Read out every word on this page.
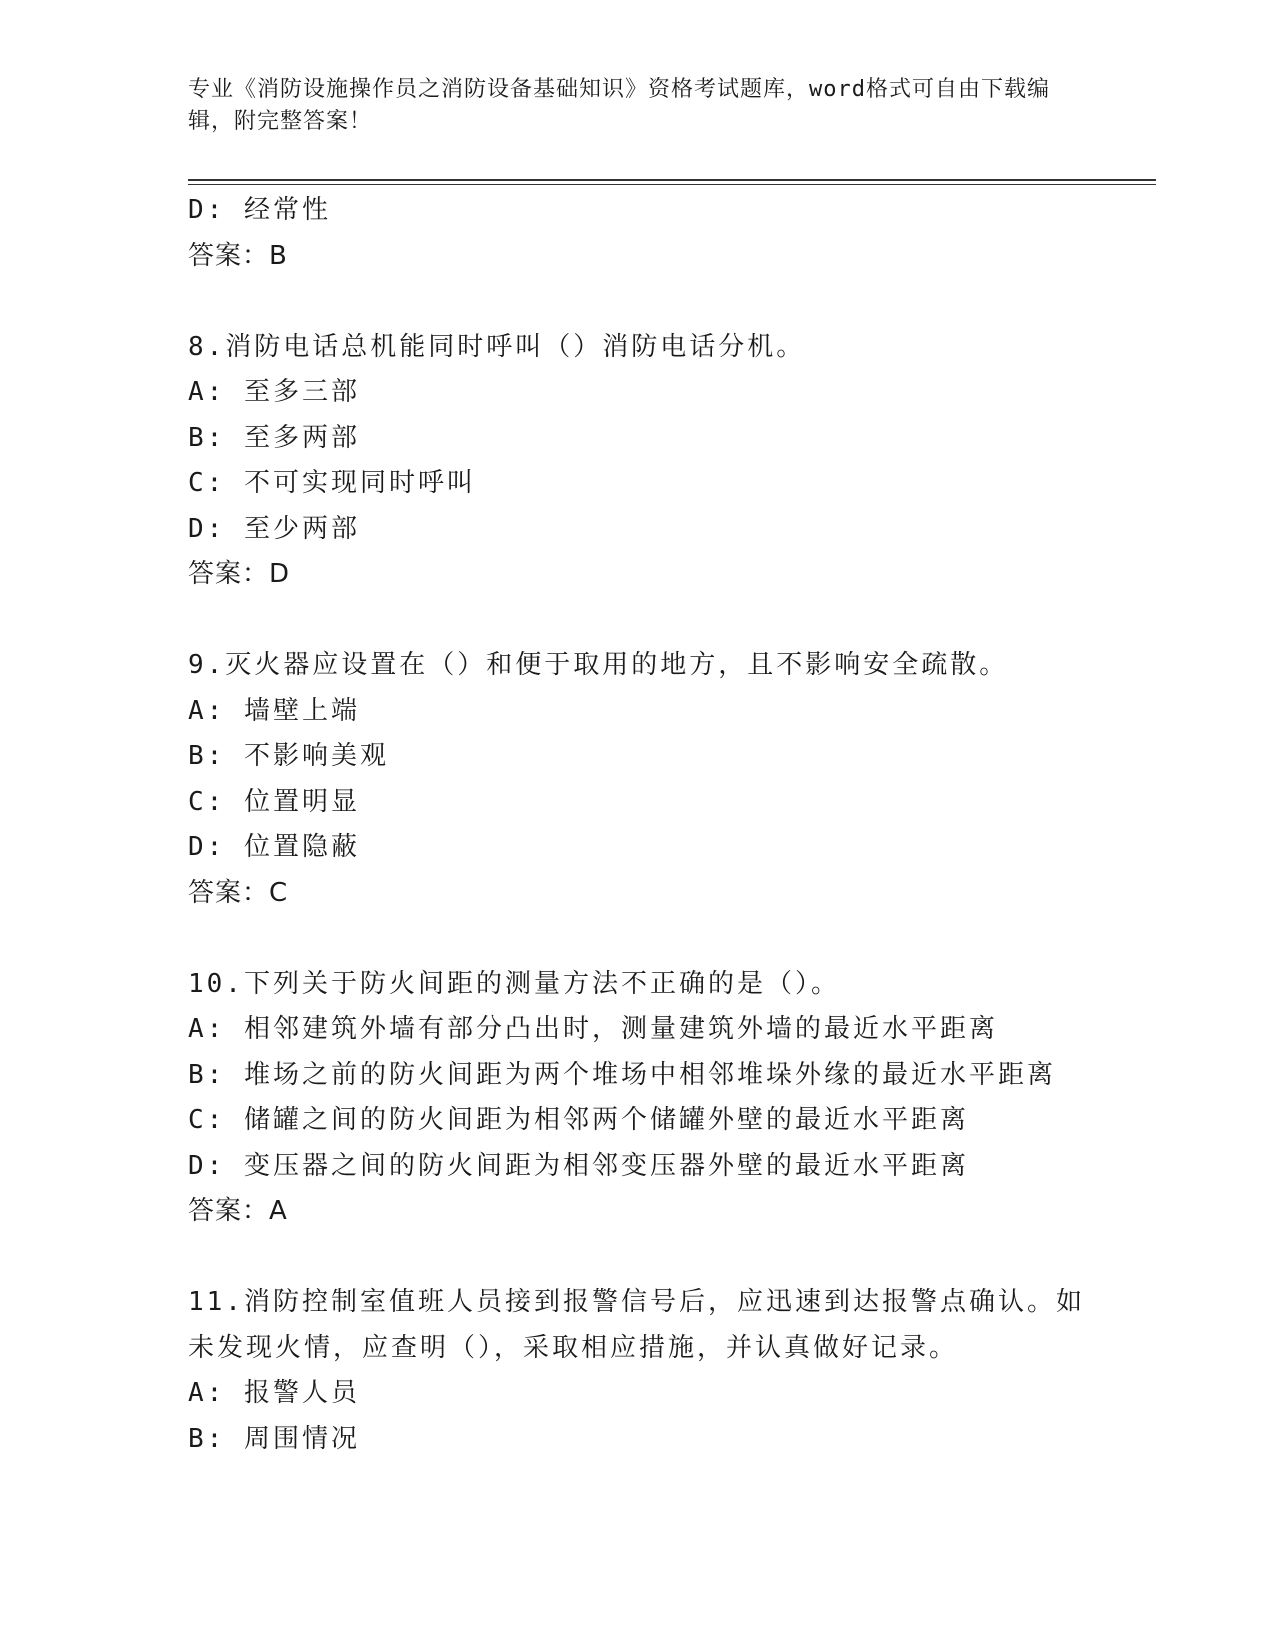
专业《消防设施操作员之消防设备基础知识》资格考试题库，word格式可自由下载编辑，附完整答案！
D: 经常性
答案：B
8.消防电话总机能同时呼叫（）消防电话分机。
A: 至多三部
B: 至多两部
C: 不可实现同时呼叫
D: 至少两部
答案：D
9.灭火器应设置在（）和便于取用的地方，且不影响安全疏散。
A: 墙壁上端
B: 不影响美观
C: 位置明显
D: 位置隐蔽
答案：C
10.下列关于防火间距的测量方法不正确的是（）。
A: 相邻建筑外墙有部分凸出时，测量建筑外墙的最近水平距离
B: 堆场之前的防火间距为两个堆场中相邻堆垛外缘的最近水平距离
C: 储罐之间的防火间距为相邻两个储罐外壁的最近水平距离
D: 变压器之间的防火间距为相邻变压器外壁的最近水平距离
答案：A
11.消防控制室值班人员接到报警信号后，应迅速到达报警点确认。如
未发现火情，应查明（），采取相应措施，并认真做好记录。
A: 报警人员
B: 周围情况
